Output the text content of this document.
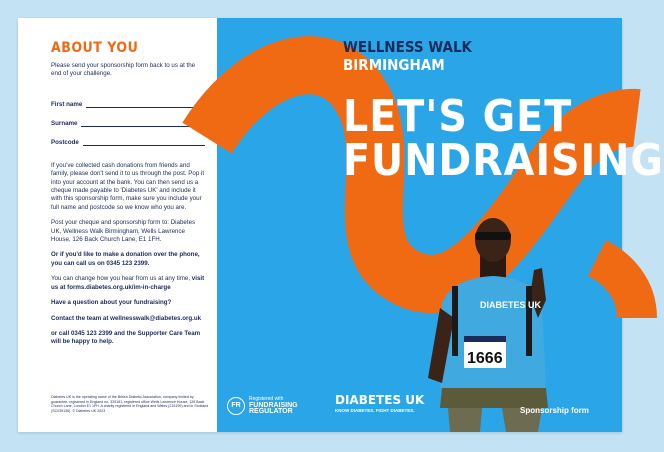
ABOUT YOU

Please send your sponsorship form back to us at the end of your challenge.

First name
Surname
Postcode

If you've collected cash donations from friends and family, please don't send it to us through the post. Pop it into your account at the bank. You can then send us a cheque made payable to 'Diabetes UK' and include it with this sponsorship form, make sure you include your full name and postcode so we know who you are.

Post your cheque and sponsorship form to: Diabetes UK, Wellness Walk Birmingham, Wells Lawrence House, 126 Back Church Lane, E1 1FH.

Or if you'd like to make a donation over the phone, you can call us on 0345 123 2399.

You can change how you hear from us at any time, visit us at forms.diabetes.org.uk/im-in-charge

Have a question about your fundraising?

Contact the team at wellnesswalk@diabetes.org.uk

or call 0345 123 2399 and the Supporter Care Team will be happy to help.

Diabetes UK is the operating name of the British Diabetic Association, company limited by guarantee, registered in England no. 339181, registered office Wells Lawrence House, 126 Back Church Lane, London E1 1FH. A charity registered in England and Wales (215199) and in Scotland (SC039136). © Diabetes UK 2023
DIABETES UK
1666
WELLNESS WALK
BIRMINGHAM
LET'S GET
FUNDRAISING
FR
Registered with
FUNDRAISING
REGULATOR
DIABETES UK
KNOW DIABETES. FIGHT DIABETES.	Sponsorship form
